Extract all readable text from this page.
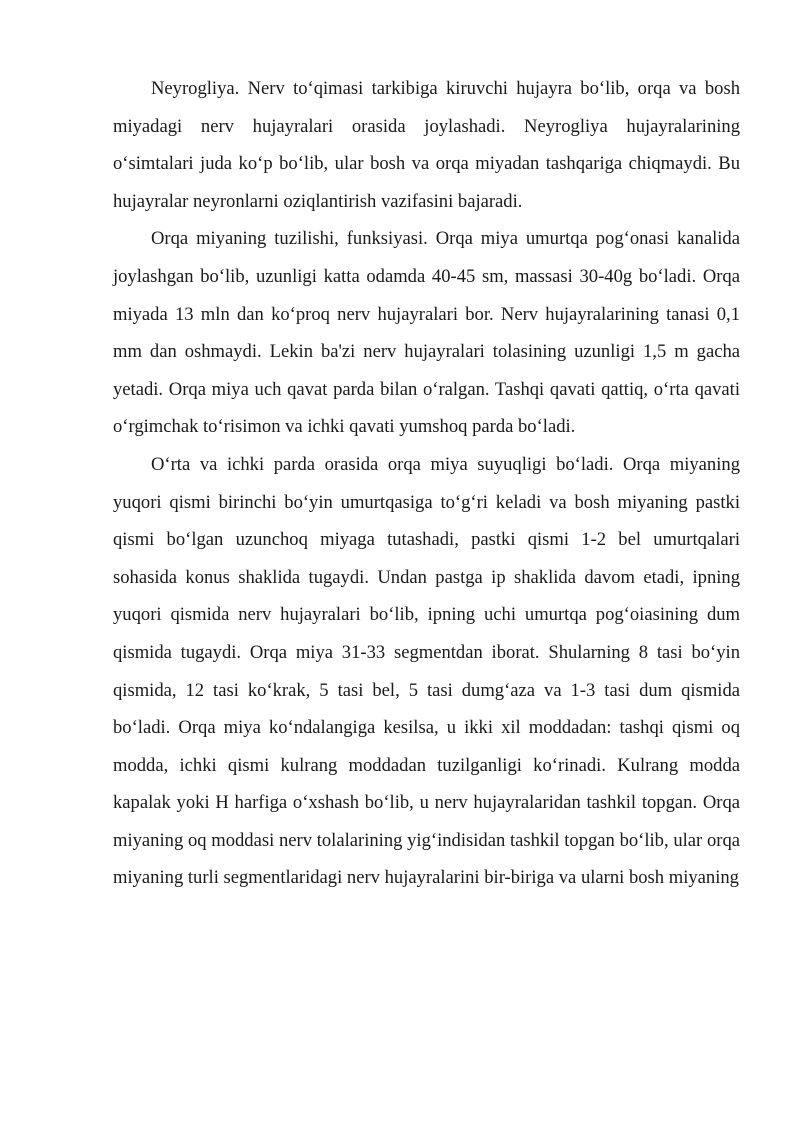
Neyrogliya. Nerv toʻqimasi tarkibiga kiruvchi hujayra boʻlib, orqa va bosh miyadagi nerv hujayralari orasida joylashadi. Neyrogliya hujayralarining oʻsimtalari juda koʻp boʻlib, ular bosh va orqa miyadan tashqariga chiqmaydi. Bu hujayralar neyronlarni oziqlantirish vazifasini bajaradi.

Orqa miyaning tuzilishi, funksiyasi. Orqa miya umurtqa pogʻonasi kanalida joylashgan boʻlib, uzunligi katta odamda 40-45 sm, massasi 30-40g boʻladi. Orqa miyada 13 mln dan koʻproq nerv hujayralari bor. Nerv hujayralarining tanasi 0,1 mm dan oshmaydi. Lekin ba'zi nerv hujayralari tolasining uzunligi 1,5 m gacha yetadi. Orqa miya uch qavat parda bilan oʻralgan. Tashqi qavati qattiq, oʻrta qavati oʻrgimchak toʻrisimon va ichki qavati yumshoq parda boʻladi.

Oʻrta va ichki parda orasida orqa miya suyuqligi boʻladi. Orqa miyaning yuqori qismi birinchi boʻyin umurtqasiga toʻgʻri keladi va bosh miyaning pastki qismi boʻlgan uzunchoq miyaga tutashadi, pastki qismi 1-2 bel umurtqalari sohasida konus shaklida tugaydi. Undan pastga ip shaklida davom etadi, ipning yuqori qismida nerv hujayralari boʻlib, ipning uchi umurtqa pogʻoiasining dum qismida tugaydi. Orqa miya 31-33 segmentdan iborat. Shularning 8 tasi boʻyin qismida, 12 tasi koʻkrak, 5 tasi bel, 5 tasi dumgʻaza va 1-3 tasi dum qismida boʻladi. Orqa miya koʻndalangiga kesilsa, u ikki xil moddadan: tashqi qismi oq modda, ichki qismi kulrang moddadan tuzilganligi koʻrinadi. Kulrang modda kapalak yoki H harfiga oʻxshash boʻlib, u nerv hujayralaridan tashkil topgan. Orqa miyaning oq moddasi nerv tolalarining yigʻindisidan tashkil topgan boʻlib, ular orqa miyaning turli segmentlaridagi nerv hujayralarini bir-biriga va ularni bosh miyaning
